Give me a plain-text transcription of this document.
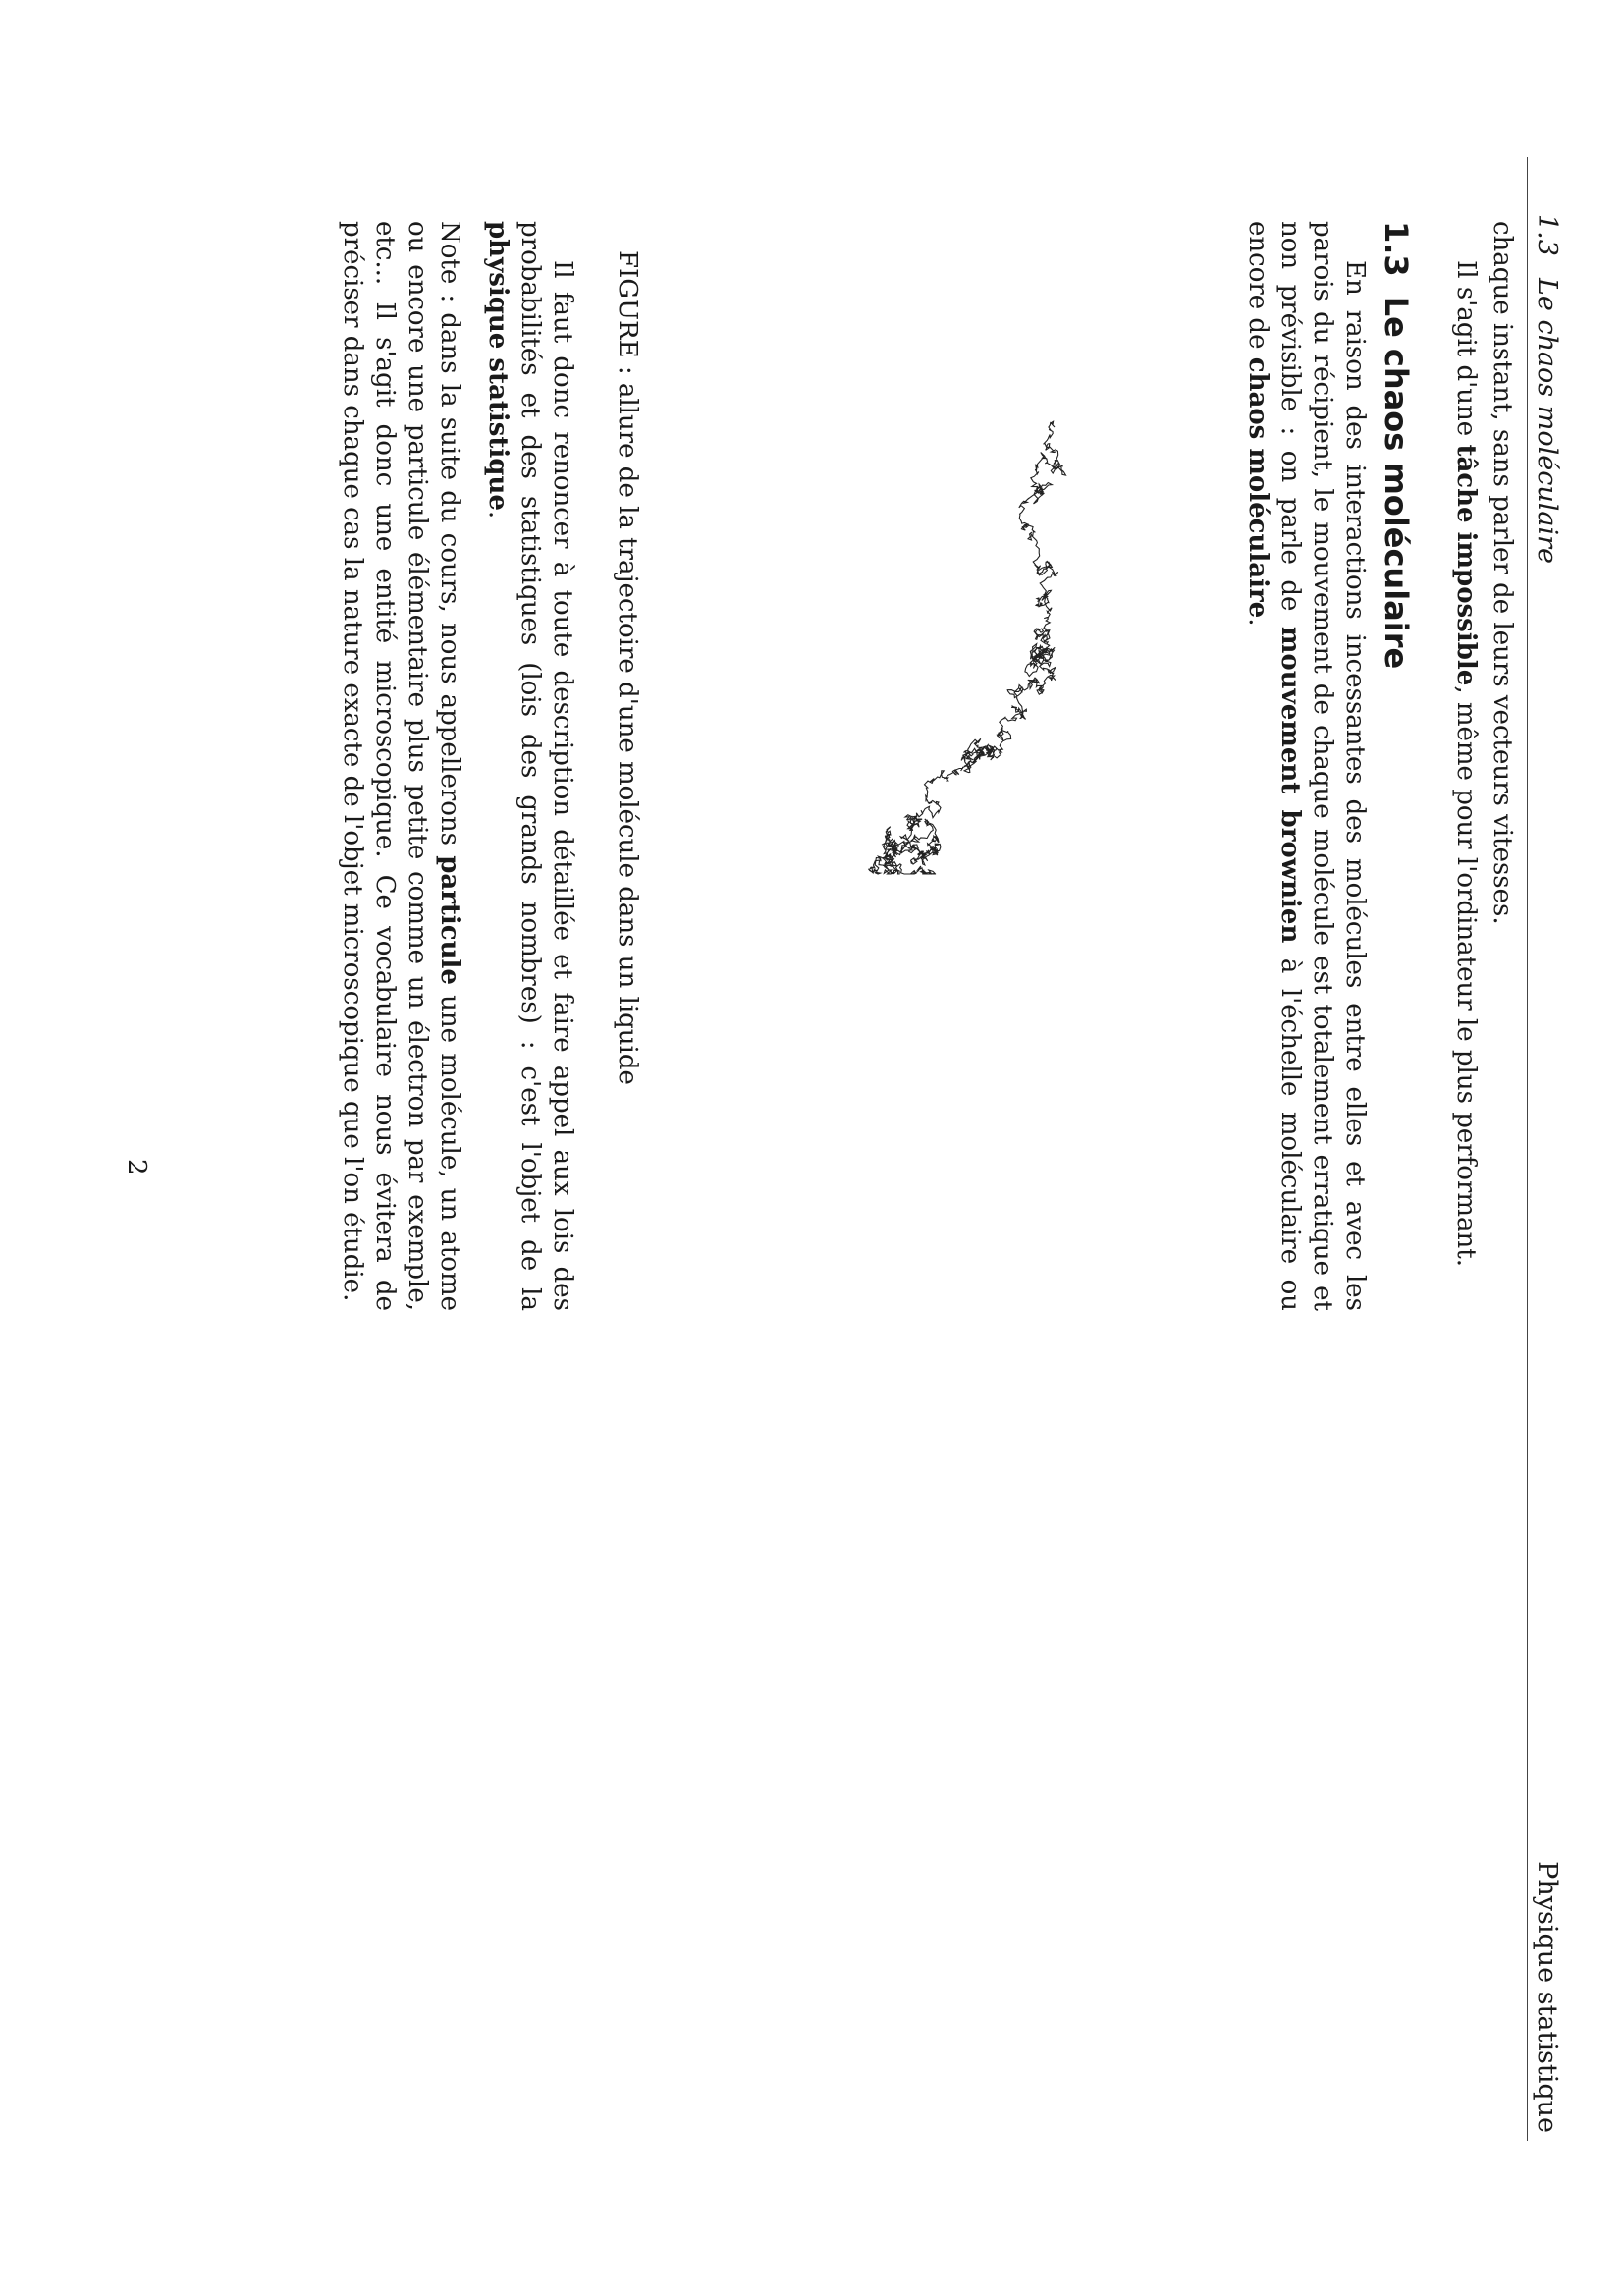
1.3Le chaos moléculaire
Physique statistique
chaque instant, sans parler de leurs vecteurs vitesses.
Il s'agit d'une tâche impossible, même pour l'ordinateur le plus performant.
1.3Le chaos moléculaire
En raison des interactions incessantes des molécules entre elles et avec les parois du récipient, le mouvement de chaque molécule est totalement erratique et non prévisible : on parle de mouvement brownien à l'échelle moléculaire ou encore de chaos moléculaire.
FIGURE : allure de la trajectoire d'une molécule dans un liquide
Il faut donc renoncer à toute description détaillée et faire appel aux lois des probabilités et des statistiques (lois des grands nombres) : c'est l'objet de la physique statistique.
Note : dans la suite du cours, nous appellerons particule une molécule, un atome ou encore une particule élémentaire plus petite comme un électron par exemple, etc... Il s'agit donc une entité microscopique. Ce vocabulaire nous évitera de préciser dans chaque cas la nature exacte de l'objet microscopique que l'on étudie.
2
